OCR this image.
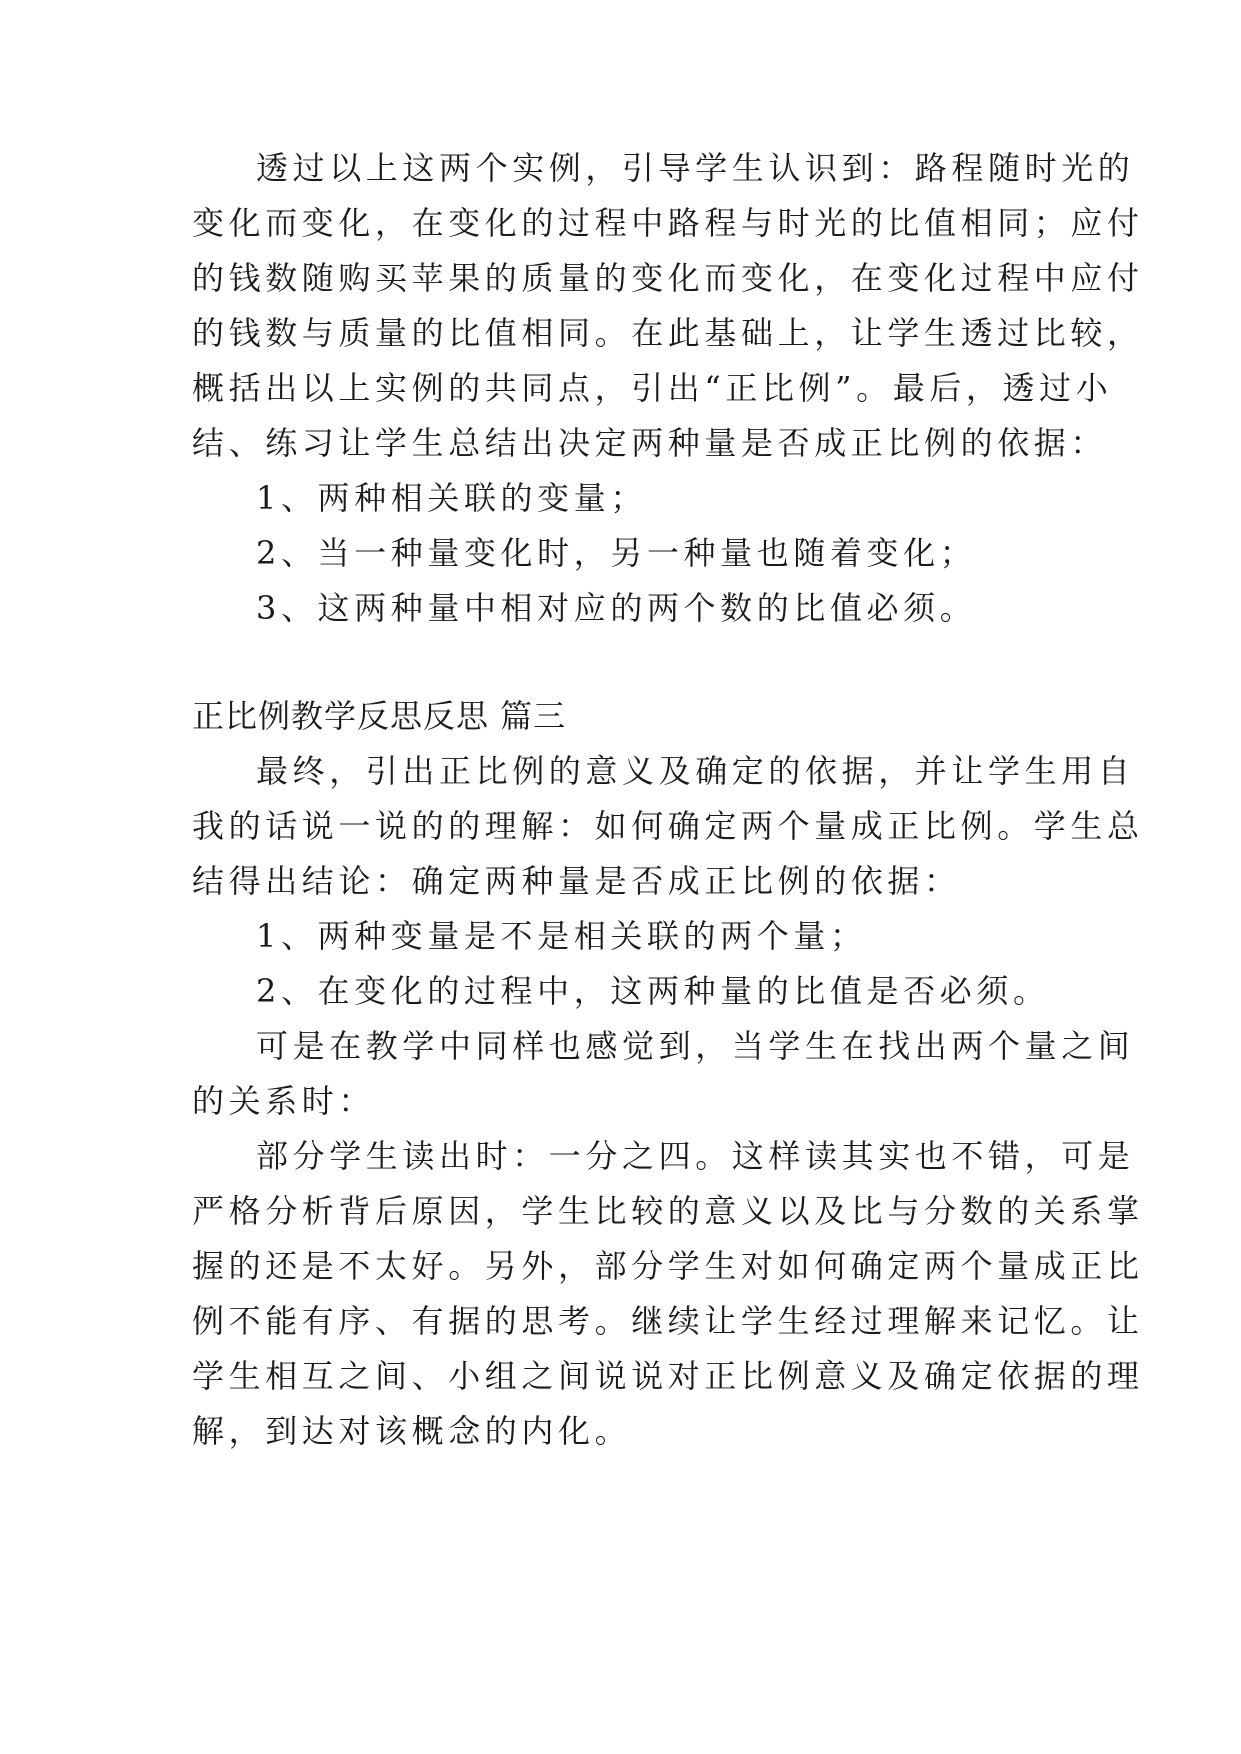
透过以上这两个实例，引导学生认识到：路程随时光的
变化而变化，在变化的过程中路程与时光的比值相同；应付
的钱数随购买苹果的质量的变化而变化，在变化过程中应付
的钱数与质量的比值相同。在此基础上，让学生透过比较，
概括出以上实例的共同点，引出“正比例”。最后，透过小
结、练习让学生总结出决定两种量是否成正比例的依据：
1、两种相关联的变量；
2、当一种量变化时，另一种量也随着变化；
3、这两种量中相对应的两个数的比值必须。
正比例教学反思反思 篇三
最终，引出正比例的意义及确定的依据，并让学生用自
我的话说一说的的理解：如何确定两个量成正比例。学生总
结得出结论：确定两种量是否成正比例的依据：
1、两种变量是不是相关联的两个量；
2、在变化的过程中，这两种量的比值是否必须。
可是在教学中同样也感觉到，当学生在找出两个量之间
的关系时：
部分学生读出时：一分之四。这样读其实也不错，可是
严格分析背后原因，学生比较的意义以及比与分数的关系掌
握的还是不太好。另外，部分学生对如何确定两个量成正比
例不能有序、有据的思考。继续让学生经过理解来记忆。让
学生相互之间、小组之间说说对正比例意义及确定依据的理
解，到达对该概念的内化。
